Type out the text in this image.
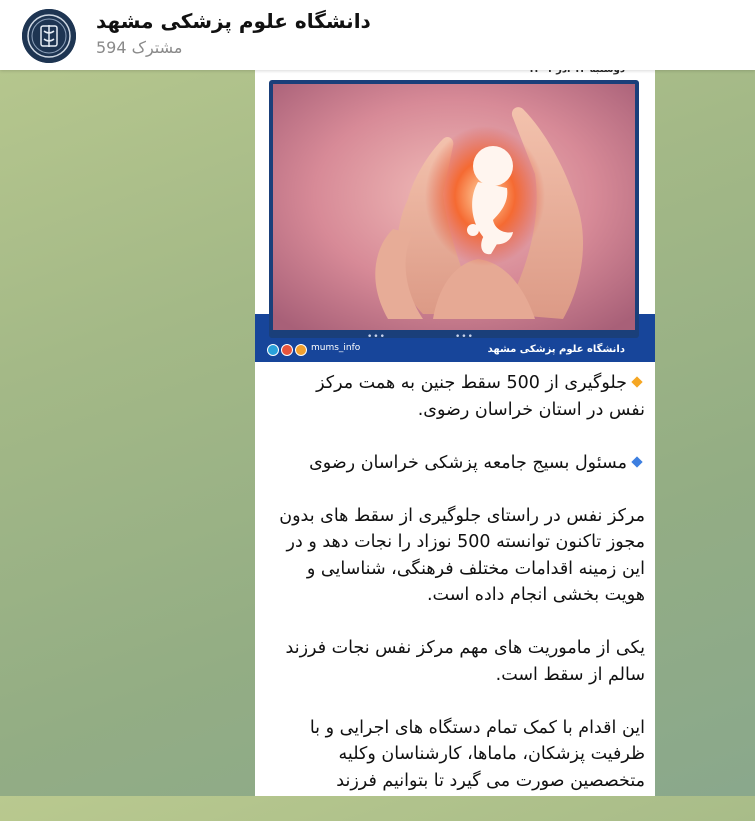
دانشگاه علوم پزشکی مشهد
مشترک 594
•••	•••
دانشگاه علوم پزشکی مشهد
mums_info

جلوگیری از 500 سقط جنین به همت مرکز نفس در استان خراسان رضوی.

مسئول بسیج جامعه پزشکی خراسان رضوی

مرکز نفس در راستای جلوگیری از سقط های بدون مجوز تاکنون توانسته 500 نوزاد را نجات دهد و در این زمینه اقدامات مختلف فرهنگی، شناسایی و هویت بخشی انجام داده است.

یکی از ماموریت های مهم مرکز نفس نجات فرزند سالم از سقط است.

این اقدام با کمک تمام دستگاه های اجرایی و با ظرفیت پزشکان، ماماها، کارشناسان وکلیه متخصصین صورت می گیرد تا بتوانیم فرزند
